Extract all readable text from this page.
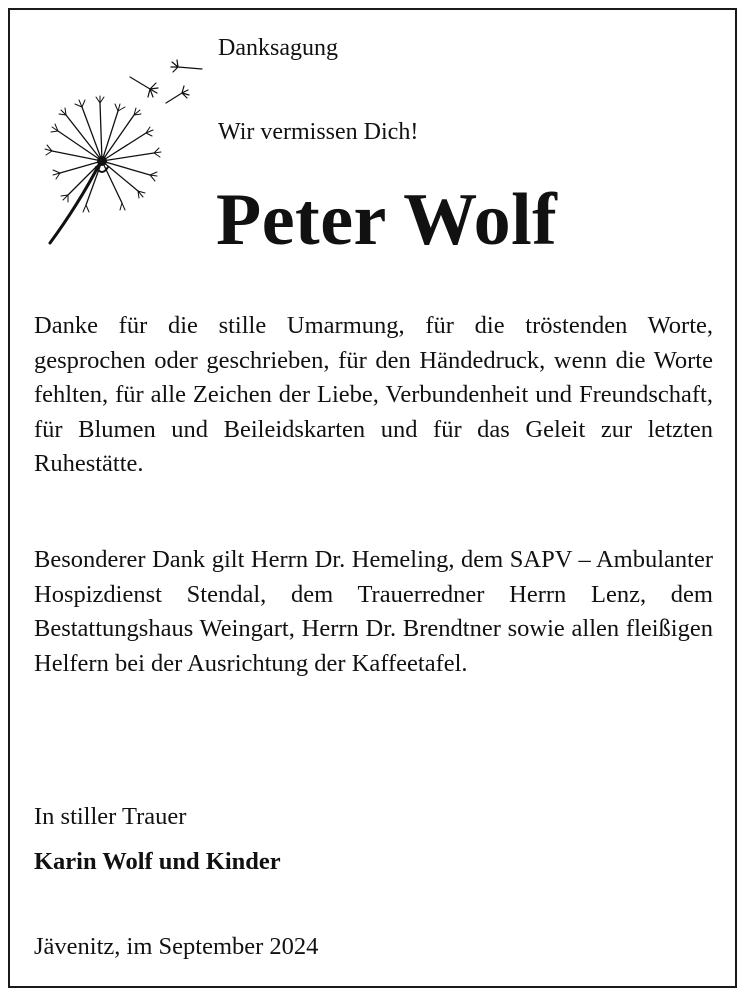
Danksagung

Wir vermissen Dich!

Peter Wolf

Danke für die stille Umarmung, für die tröstenden Worte, gesprochen oder geschrieben, für den Händedruck, wenn die Worte fehlten, für alle Zeichen der Liebe, Verbundenheit und Freundschaft, für Blumen und Beileidskarten und für das Geleit zur letzten Ruhestätte.

Besonderer Dank gilt Herrn Dr. Hemeling, dem SAPV – Ambulanter Hospizdienst Stendal, dem Trauerredner Herrn Lenz, dem Bestattungshaus Weingart, Herrn Dr. Brendtner sowie allen fleißigen Helfern bei der Ausrichtung der Kaffeetafel.

In stiller Trauer

Karin Wolf und Kinder

Jävenitz, im September 2024
